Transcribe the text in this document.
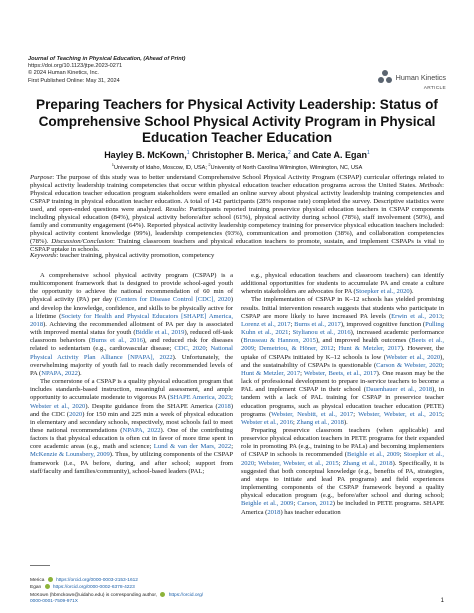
Journal of Teaching in Physical Education, (Ahead of Print)
https://doi.org/10.1123/jtpe.2023-0271
© 2024 Human Kinetics, Inc.
First Published Online: May 31, 2024	Human Kinetics
ARTICLE
Preparing Teachers for Physical Activity Leadership: Status of Comprehensive School Physical Activity Program in Physical Education Teacher Education
Hayley B. McKown,$^1$ Christopher B. Merica,$^2$ and Cate A. Egan$^1$
$^1$University of Idaho, Moscow, ID, USA; $^2$University of North Carolina Wilmington, Wilmington, NC, USA
Purpose: The purpose of this study was to better understand Comprehensive School Physical Activity Program (CSPAP) curricular offerings related to physical activity leadership training competencies that occur within physical education teacher education programs across the United States. Methods: Physical education teacher education program stakeholders were emailed an online survey about physical activity leadership training competencies and CSPAP training in physical education teacher education. A total of 142 participants (28% response rate) completed the survey. Descriptive statistics were used, and open-ended questions were analyzed. Results: Participants reported training preservice physical education teachers in CSPAP components including physical education (84%), physical activity before/after school (61%), physical activity during school (78%), staff involvement (50%), and family and community engagement (64%). Reported physical activity leadership competency training for preservice physical education teachers included: physical activity content knowledge (99%), leadership competencies (93%), communication and promotion (38%), and collaboration competencies (78%). Discussion/Conclusion: Training classroom teachers and physical education teachers to promote, sustain, and implement CSPAPs is vital to CSPAP uptake in schools.
Keywords: teacher training, physical activity promotion, competency

A comprehensive school physical activity program (CSPAP) is a multicomponent framework that is designed to provide school-aged youth the opportunity to achieve the national recommendation of 60 min of physical activity (PA) per day (Centers for Disease Control [CDC], 2020) and develop the knowledge, confidence, and skills to be physically active for a lifetime (Society for Health and Physical Educators [SHAPE] America, 2018). Achieving the recommended allotment of PA per day is associated with improved mental status for youth (Biddle et al., 2019), reduced off-task classroom behaviors (Burns et al., 2016), and reduced risk for diseases related to sedentarism (e.g., cardiovascular disease; CDC, 2020; National Physical Activity Plan Alliance [NPAPA], 2022). Unfortunately, the overwhelming majority of youth fail to reach daily recommended levels of PA (NPAPA, 2022).

The cornerstone of a CSPAP is a quality physical education program that includes standards-based instruction, meaningful assessment, and ample opportunity to accumulate moderate to vigorous PA (SHAPE America, 2023; Webster et al., 2020). Despite guidance from the SHAPE America (2018) and the CDC (2020) for 150 min and 225 min a week of physical education in elementary and secondary schools, respectively, most schools fail to meet these national recommendations (NPAPA, 2022). One of the contributing factors is that physical education is often cut in favor of more time spent in core academic areas (e.g., math and science; Lund & van der Mars, 2022; McKenzie & Lounsbery, 2009). Thus, by utilizing components of the CSPAP framework (i.e., PA before, during, and after school; support from staff/faculty and families/community), school-based leaders (PAL;

e.g., physical education teachers and classroom teachers) can identify additional opportunities for students to accumulate PA and create a culture wherein stakeholders are advocates for PA (Stoepker et al., 2020).

The implementation of CSPAP in K–12 schools has yielded promising results. Initial intervention research suggests that students who participate in CSPAP are more likely to have increased PA levels (Erwin et al., 2013; Lorenz et al., 2017; Burns et al., 2017), improved cognitive function (Pulling Kuhn et al., 2021; Stylianou et al., 2016), increased academic performance (Brusseau & Hannon, 2015), and improved health outcomes (Beets et al., 2009; Demetriou, & Höner, 2012; Hunt & Metzler, 2017). However, the uptake of CSPAPs initiated by K–12 schools is low (Webster et al., 2020), and the sustainability of CSPAPs is questionable (Carson & Webster, 2020; Hunt & Metzler, 2017; Webster, Beets, et al., 2017). One reason may be the lack of professional development to prepare in-service teachers to become a PAL and implement CSPAP in their school (Dauenhauer et al., 2018), in tandem with a lack of PAL training for CSPAP in preservice teacher education programs, such as physical education teacher education (PETE) programs (Webster, Nesbitt, et al., 2017; Webster, Webster, et al., 2015; Webster et al., 2016; Zhang et al., 2018).

Preparing preservice classroom teachers (when applicable) and preservice physical education teachers in PETE programs for their expanded role in promoting PA (e.g., training to be PALs) and becoming implementers of CSPAP in schools is recommended (Beighle et al., 2009; Stoepker et al., 2020; Webster, Webster, et al., 2015; Zhang et al., 2018). Specifically, it is suggested that both conceptual knowledge (e.g., benefits of PA, strategies, and steps to initiate and lead PA programs) and field experiences implementing components of the CSPAP framework beyond a quality physical education program (e.g., before/after school and during school; Beighle et al., 2009; Carson, 2012) be included in PETE programs. SHAPE America (2018) has teacher education

Merica https://orcid.org/0000-0003-2153-1612
Egan https://orcid.org/0000-0002-6378-4223
McKown (hbmckown@uidaho.edu) is corresponding author, https://orcid.org/
0000-0001-7509-971X	1
